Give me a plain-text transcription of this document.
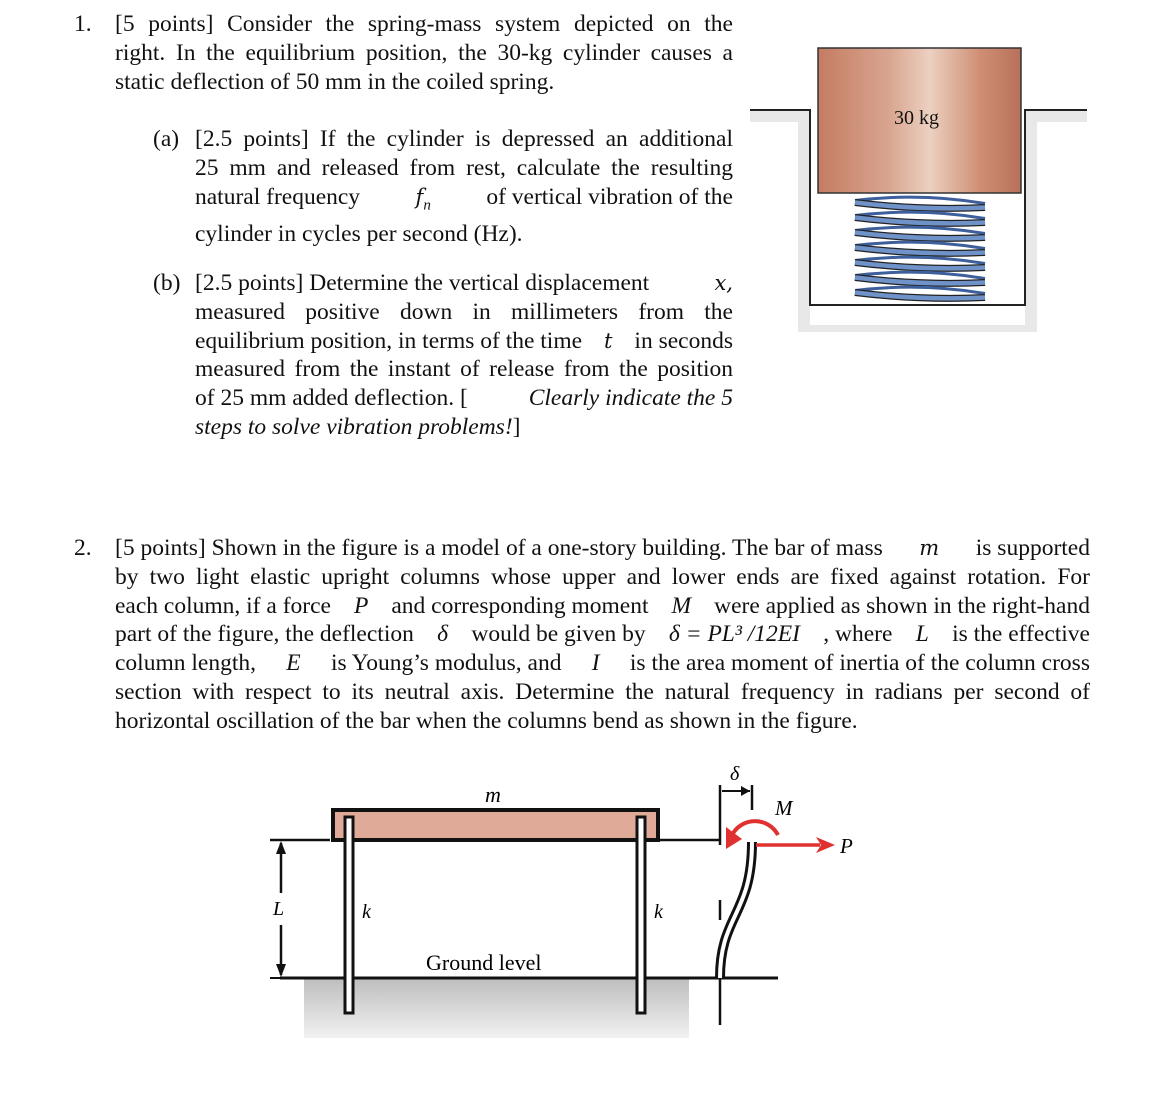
1. [5 points] Consider the spring-mass system depicted on the
right. In the equilibrium position, the 30-kg cylinder causes a
static deflection of 50 mm in the coiled spring.
(a) [2.5 points] If the cylinder is depressed an additional
25 mm and released from rest, calculate the resulting
natural frequency	$f_n$ of vertical vibration of the
cylinder in cycles per second (Hz).
(b) [2.5 points] Determine the vertical displacement	x,
measured positive down in millimeters from the
equilibrium position, in terms of the time t in seconds
measured from the instant of release from the position
of 25 mm added deflection. [	Clearly indicate the 5
steps to solve vibration problems!]
30 kg
2. [5 points] Shown in the figure is a model of a one-story building. The bar of mass m is supported
by two light elastic upright columns whose upper and lower ends are fixed against rotation. For
each column, if a force P and corresponding moment M were applied as shown in the right-hand
part of the figure, the deflection δ would be given by δ = PL³ /12EI , where L is the effective
column length, E is Young’s modulus, and I is the area moment of inertia of the column cross
section with respect to its neutral axis. Determine the natural frequency in radians per second of
horizontal oscillation of the bar when the columns bend as shown in the figure.
m
k	k
L
Ground level
δ
M
P
